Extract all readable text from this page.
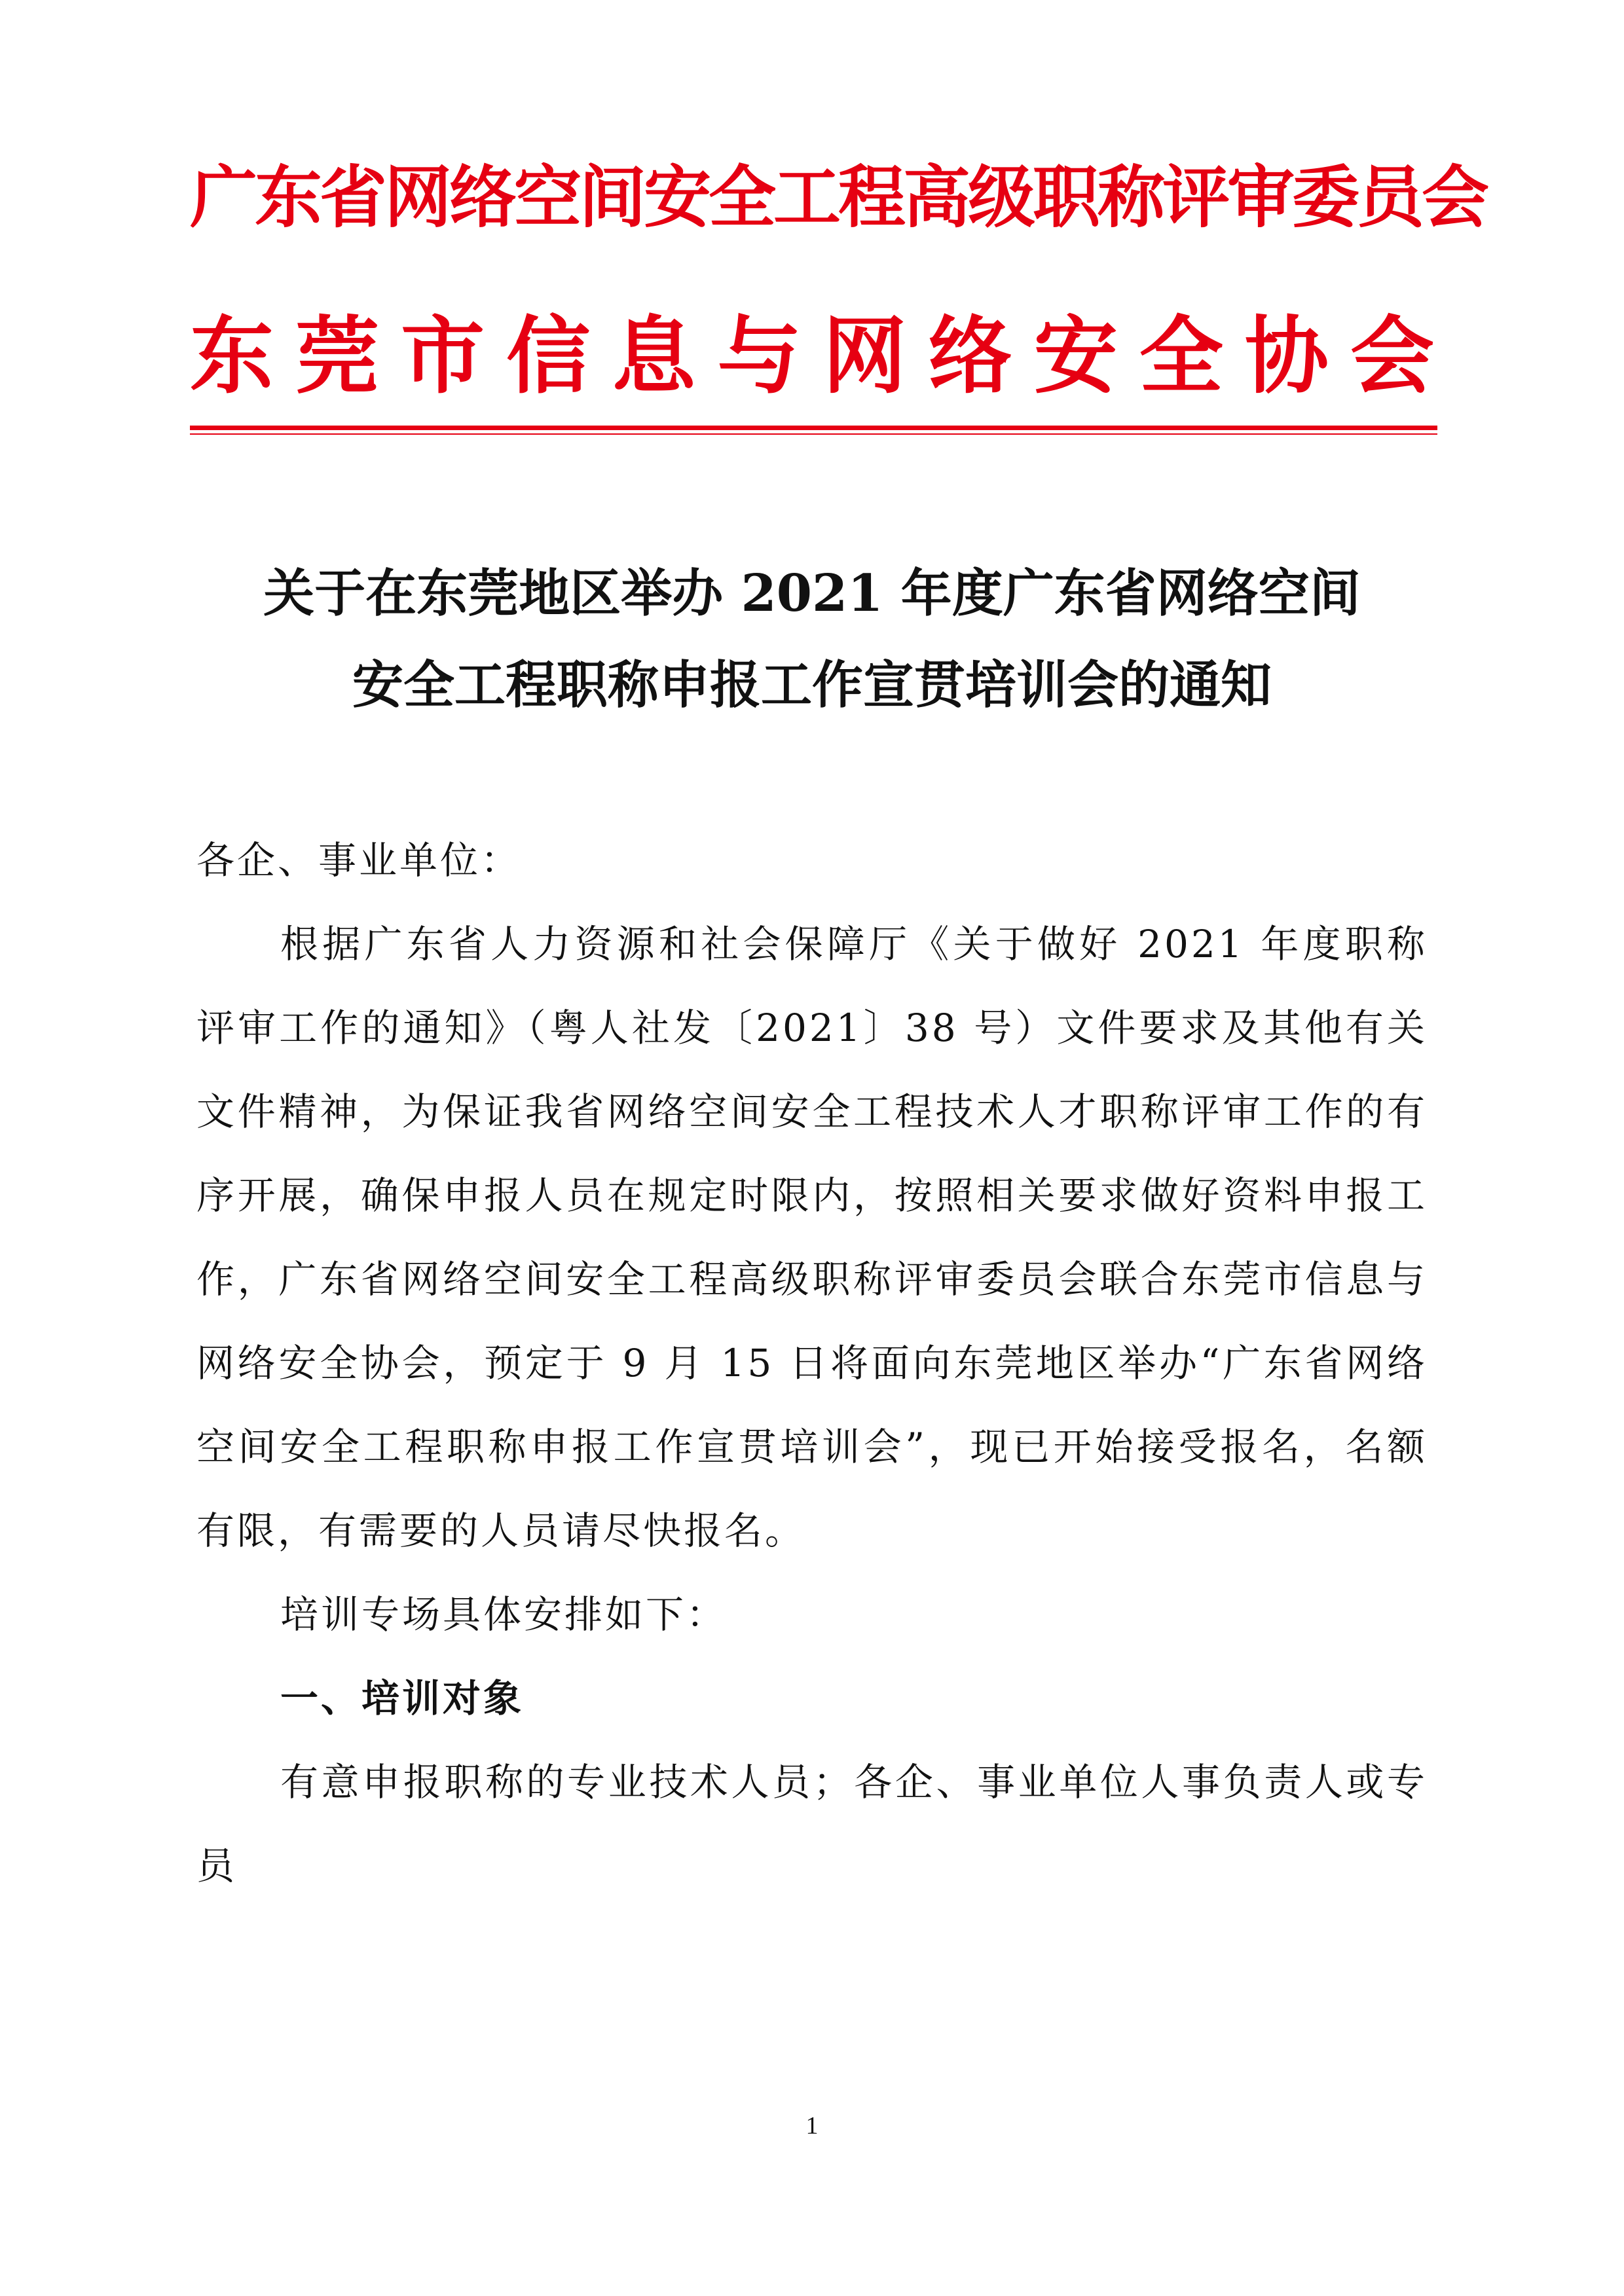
广东省网络空间安全工程高级职称评审委员会
东莞市信息与网络安全协会
关于在东莞地区举办 2021 年度广东省网络空间
安全工程职称申报工作宣贯培训会的通知
各企、事业单位：
根据广东省人力资源和社会保障厅《关于做好 2021 年度职称评审工作的通知》（粤人社发〔2021〕38 号）文件要求及其他有关文件精神，为保证我省网络空间安全工程技术人才职称评审工作的有序开展，确保申报人员在规定时限内，按照相关要求做好资料申报工作，广东省网络空间安全工程高级职称评审委员会联合东莞市信息与网络安全协会，预定于 9 月 15 日将面向东莞地区举办“广东省网络空间安全工程职称申报工作宣贯培训会”，现已开始接受报名，名额有限，有需要的人员请尽快报名。
培训专场具体安排如下：
一、培训对象
有意申报职称的专业技术人员；各企、事业单位人事负责人或专员
1
